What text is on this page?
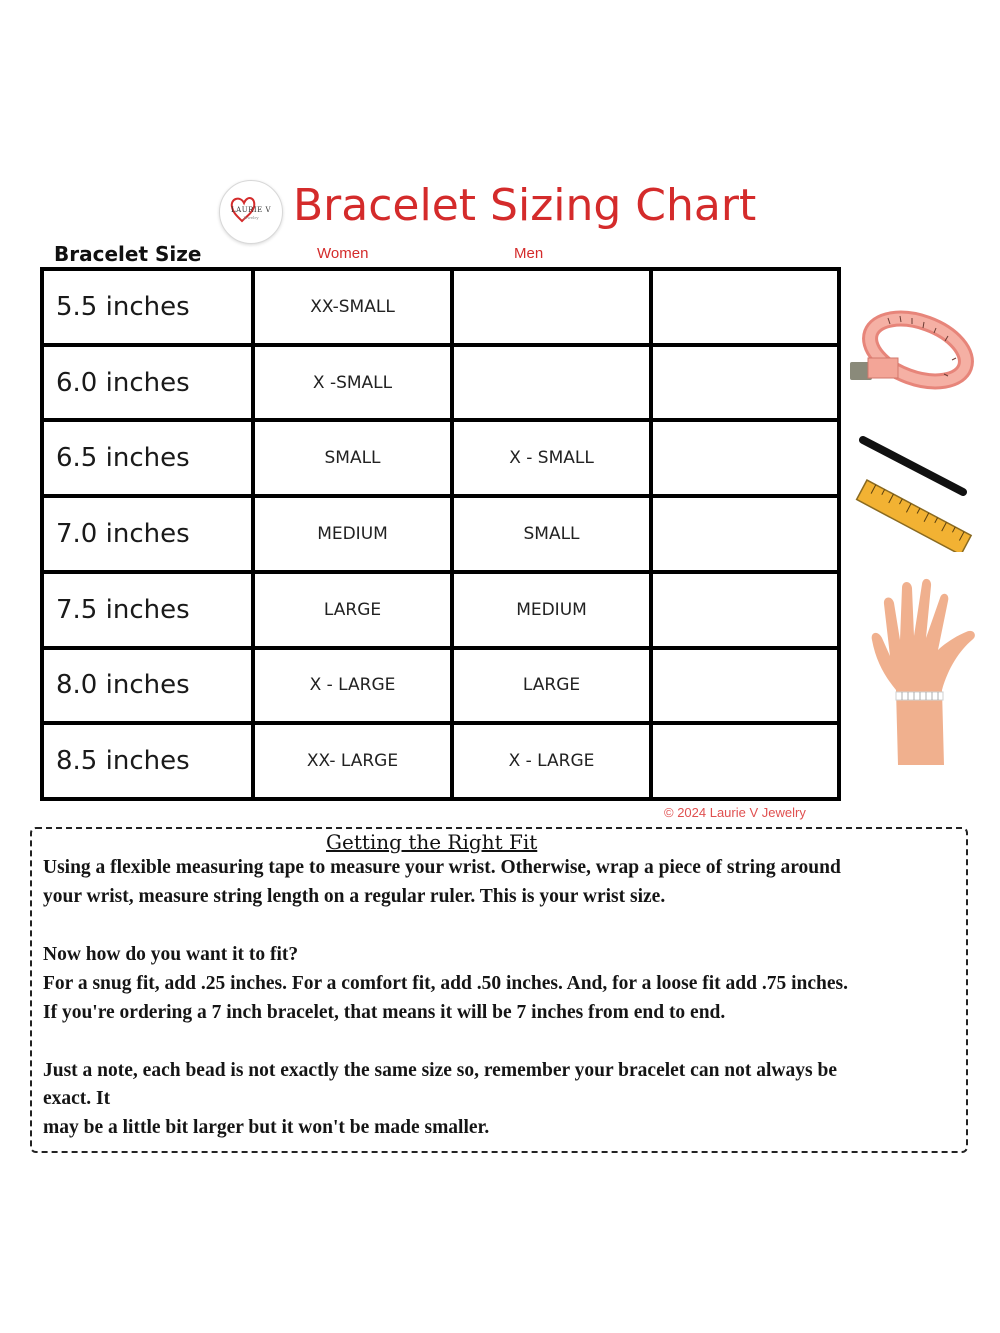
LAURIE V
Jewelry Bracelet Sizing Chart
Bracelet Size	Women	Men
5.5 inches	XX-SMALL		
6.0 inches	X -SMALL		
6.5 inches	SMALL	X - SMALL	
7.0 inches	MEDIUM	SMALL	
7.5 inches	LARGE	MEDIUM	
8.0 inches	X - LARGE	LARGE	
8.5 inches	XX- LARGE	X - LARGE	
© 2024 Laurie V Jewelry
Getting the Right Fit
Using a flexible measuring tape to measure your wrist. Otherwise, wrap a piece of string around
your wrist, measure string length on a regular ruler. This is your wrist size.
Now how do you want it to fit?
For a snug fit, add .25 inches. For a comfort fit, add .50 inches. And, for a loose fit add .75 inches.
If you're ordering a 7 inch bracelet, that means it will be 7 inches from end to end.
Just a note, each bead is not exactly the same size so, remember your bracelet can not always be
exact. It
may be a little bit larger but it won't be made smaller.
